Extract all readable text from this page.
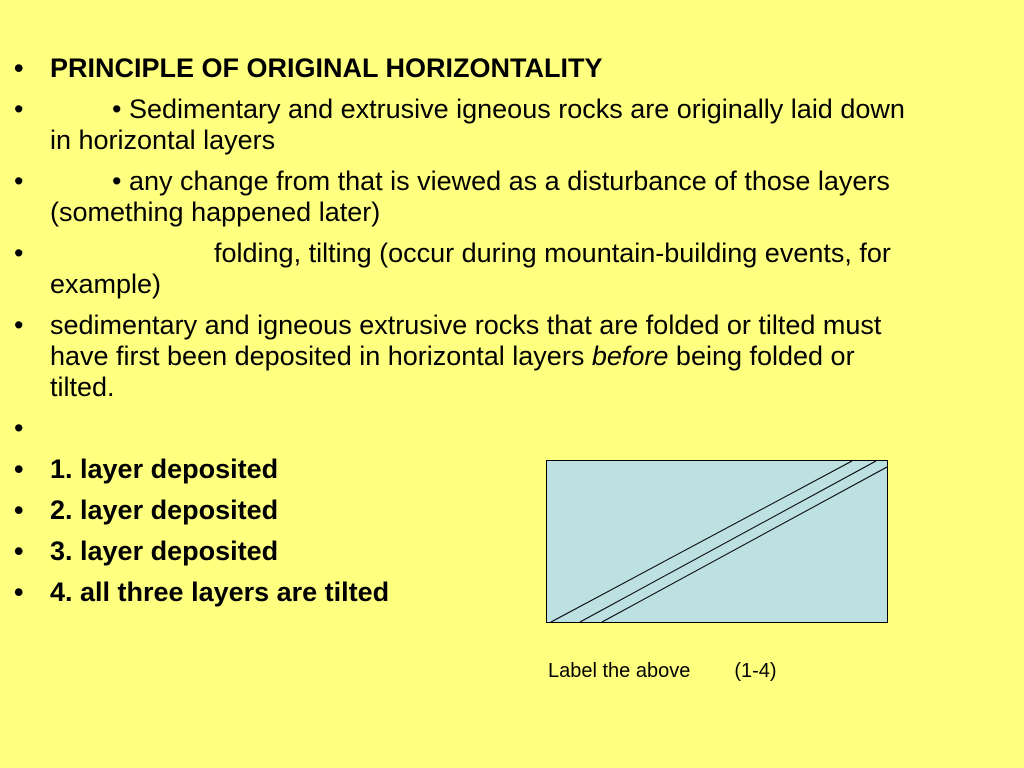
• PRINCIPLE OF ORIGINAL HORIZONTALITY
• • Sedimentary and extrusive igneous rocks are originally laid down in horizontal layers
• • any change from that is viewed as a disturbance of those layers (something happened later)
• folding, tilting (occur during mountain-building events, for example)
• sedimentary and igneous extrusive rocks that are folded or tilted must have first been deposited in horizontal layers before being folded or tilted.
•
• 1. layer deposited
• 2. layer deposited
• 3. layer deposited
• 4. all three layers are tilted
Label the above (1-4)
